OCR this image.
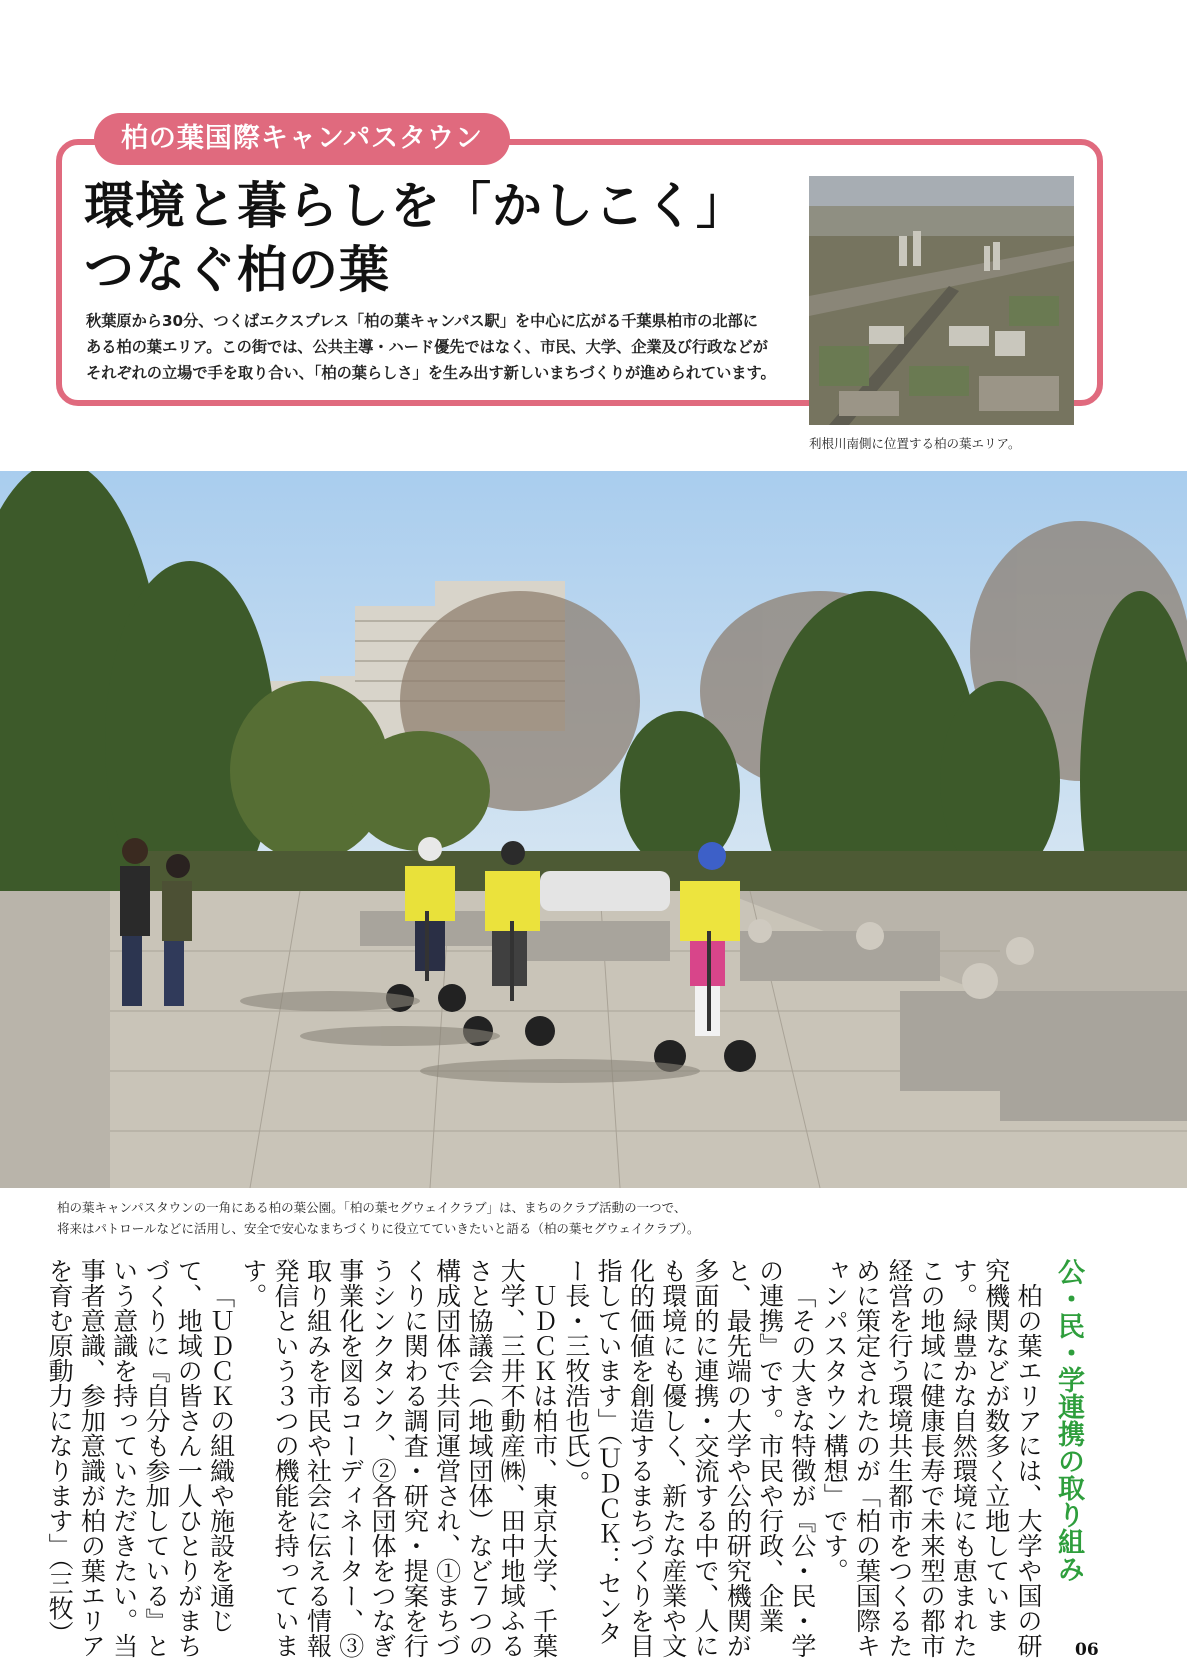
柏の葉国際キャンパスタウン
環境と暮らしを「かしこく」
つなぐ柏の葉
秋葉原から30分、つくばエクスプレス「柏の葉キャンパス駅」を中心に広がる千葉県柏市の北部に
ある柏の葉エリア。この街では、公共主導・ハード優先ではなく、市民、大学、企業及び行政などが
それぞれの立場で手を取り合い、「柏の葉らしさ」を生み出す新しいまちづくりが進められています。
利根川南側に位置する柏の葉エリア。
柏の葉キャンパスタウンの一角にある柏の葉公園。「柏の葉セグウェイクラブ」は、まちのクラブ活動の一つで、
将来はパトロールなどに活用し、安全で安心なまちづくりに役立てていきたいと語る（柏の葉セグウェイクラブ）。
公・民・学連携の取り組み

柏の葉エリアには、大学や国の研究機関などが数多く立地しています。緑豊かな自然環境にも恵まれたこの地域に健康長寿で未来型の都市経営を行う環境共生都市をつくるために策定されたのが「柏の葉国際キャンパスタウン構想」です。

「その大きな特徴が『公・民・学の連携』です。市民や行政、企業と、最先端の大学や公的研究機関が多面的に連携・交流する中で、人にも環境にも優しく、新たな産業や文化的価値を創造するまちづくりを目指しています」（ＵＤＣＫ：センター長・三牧浩也氏）。

ＵＤＣＫは柏市、東京大学、千葉大学、三井不動産㈱、田中地域ふるさと協議会（地域団体）など７つの構成団体で共同運営され、①まちづくりに関わる調査・研究・提案を行うシンクタンク、②各団体をつなぎ事業化を図るコーディネーター、③取り組みを市民や社会に伝える情報発信という３つの機能を持っています。

「ＵＤＣＫの組織や施設を通じて、地域の皆さん一人ひとりがまちづくりに『自分も参加している』という意識を持っていただきたい。当事者意識、参加意識が柏の葉エリアを育む原動力になります」（三牧）

06
